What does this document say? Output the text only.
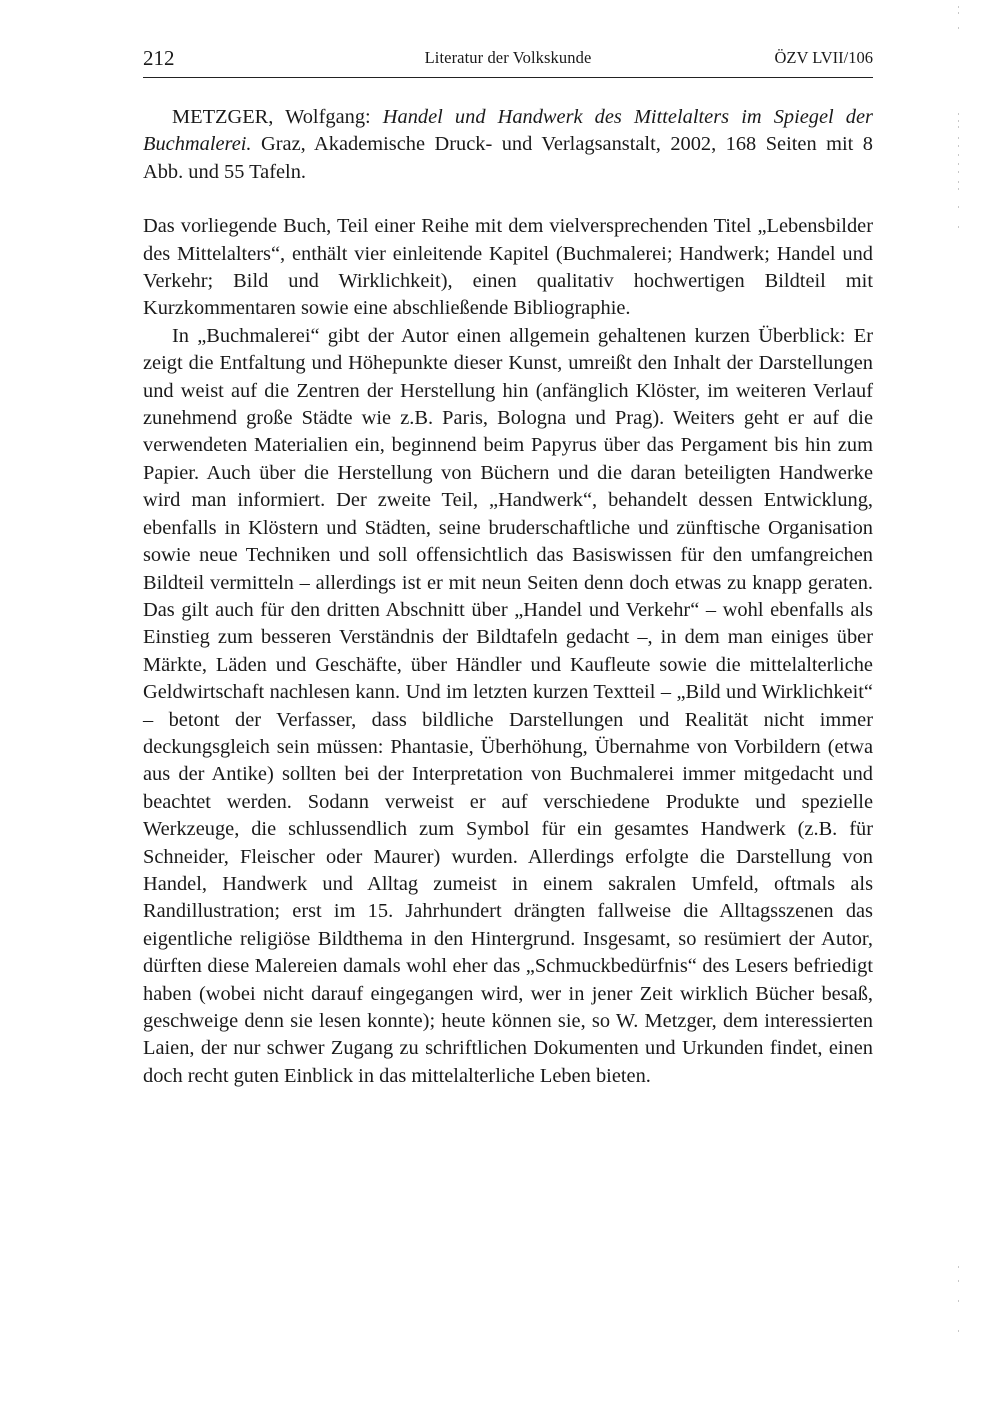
212	Literatur der Volkskunde	ÖZV LVII/106

METZGER, Wolfgang: Handel und Handwerk des Mittelalters im Spiegel der Buchmalerei. Graz, Akademische Druck- und Verlagsanstalt, 2002, 168 Seiten mit 8 Abb. und 55 Tafeln.

Das vorliegende Buch, Teil einer Reihe mit dem vielversprechenden Titel „Lebensbilder des Mittelalters“, enthält vier einleitende Kapitel (Buchmalerei; Handwerk; Handel und Verkehr; Bild und Wirklichkeit), einen qualitativ hochwertigen Bildteil mit Kurzkommentaren sowie eine abschließende Bibliographie.

In „Buchmalerei“ gibt der Autor einen allgemein gehaltenen kurzen Überblick: Er zeigt die Entfaltung und Höhepunkte dieser Kunst, umreißt den Inhalt der Darstellungen und weist auf die Zentren der Herstellung hin (anfänglich Klöster, im weiteren Verlauf zunehmend große Städte wie z.B. Paris, Bologna und Prag). Weiters geht er auf die verwendeten Materialien ein, beginnend beim Papyrus über das Pergament bis hin zum Papier. Auch über die Herstellung von Büchern und die daran beteiligten Handwerke wird man informiert. Der zweite Teil, „Handwerk“, behandelt dessen Entwicklung, ebenfalls in Klöstern und Städten, seine bruderschaftliche und zünftische Organisation sowie neue Techniken und soll offensichtlich das Basiswissen für den umfangreichen Bildteil vermitteln – allerdings ist er mit neun Seiten denn doch etwas zu knapp geraten. Das gilt auch für den dritten Abschnitt über „Handel und Verkehr“ – wohl ebenfalls als Einstieg zum besseren Verständnis der Bildtafeln gedacht –, in dem man einiges über Märkte, Läden und Geschäfte, über Händler und Kaufleute sowie die mittelalterliche Geldwirtschaft nachlesen kann. Und im letzten kurzen Textteil – „Bild und Wirklichkeit“ – betont der Verfasser, dass bildliche Darstellungen und Realität nicht immer deckungsgleich sein müssen: Phantasie, Überhöhung, Übernahme von Vorbildern (etwa aus der Antike) sollten bei der Interpretation von Buchmalerei immer mitgedacht und beachtet werden. Sodann verweist er auf verschiedene Produkte und spezielle Werkzeuge, die schlussendlich zum Symbol für ein gesamtes Handwerk (z.B. für Schneider, Fleischer oder Maurer) wurden. Allerdings erfolgte die Darstellung von Handel, Handwerk und Alltag zumeist in einem sakralen Umfeld, oftmals als Randillustration; erst im 15. Jahrhundert drängten fallweise die Alltagsszenen das eigentliche religiöse Bildthema in den Hintergrund. Insgesamt, so resümiert der Autor, dürften diese Malereien damals wohl eher das „Schmuckbedürfnis“ des Lesers befriedigt haben (wobei nicht darauf eingegangen wird, wer in jener Zeit wirklich Bücher besaß, geschweige denn sie lesen konnte); heute können sie, so W. Metzger, dem interessierten Laien, der nur schwer Zugang zu schriftlichen Dokumenten und Urkunden findet, einen doch recht guten Einblick in das mittelalterliche Leben bieten.
